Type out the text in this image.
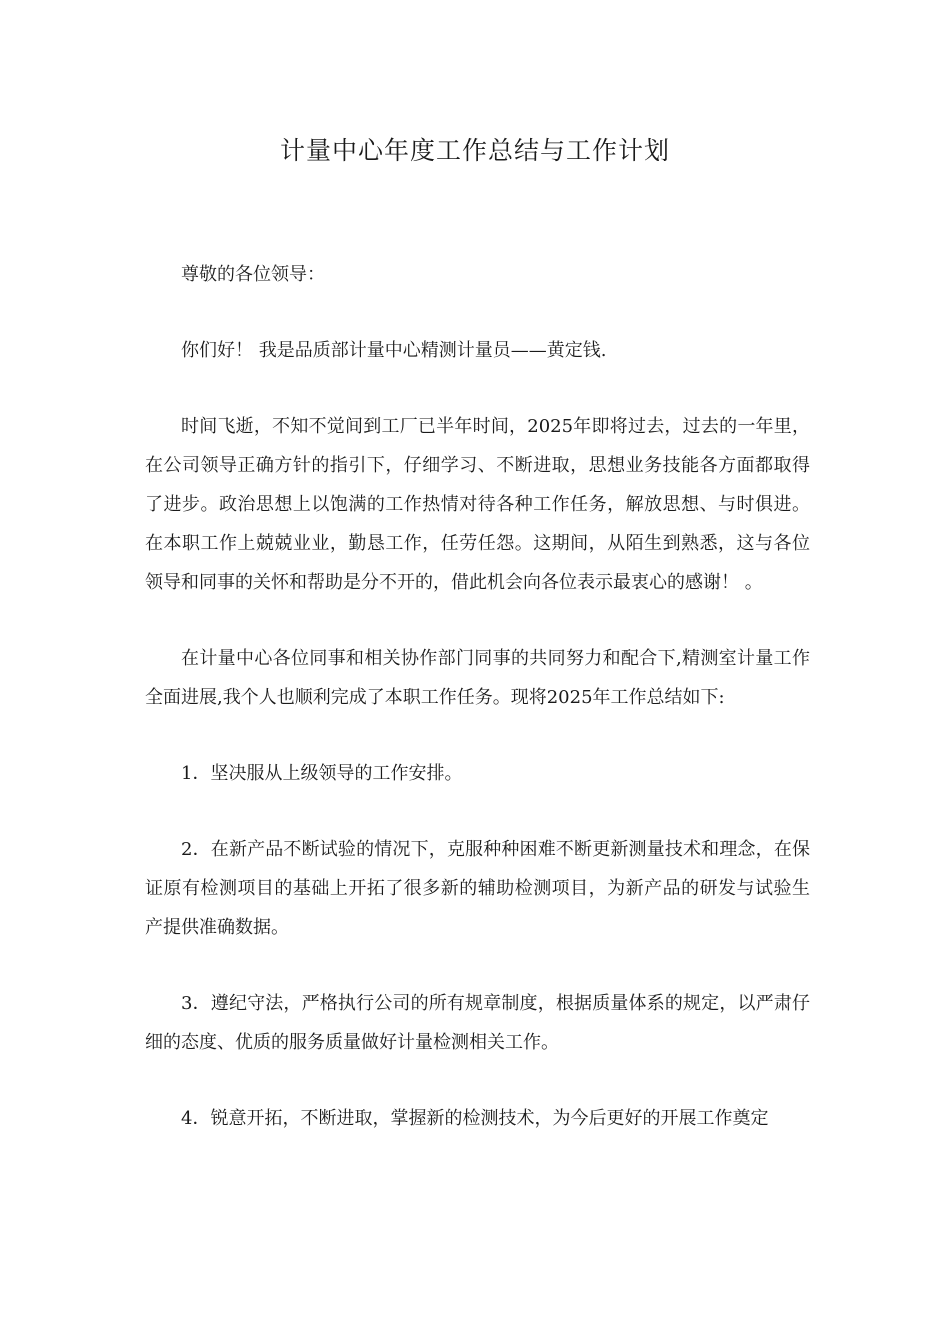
计量中心年度工作总结与工作计划

尊敬的各位领导：

你们好！ 我是品质部计量中心精测计量员——黄定钱.

时间飞逝，不知不觉间到工厂已半年时间，2025年即将过去，过去的一年里，在公司领导正确方针的指引下，仔细学习、不断进取，思想业务技能各方面都取得了进步。政治思想上以饱满的工作热情对待各种工作任务，解放思想、与时俱进。在本职工作上兢兢业业，勤恳工作，任劳任怨。这期间，从陌生到熟悉，这与各位领导和同事的关怀和帮助是分不开的，借此机会向各位表示最衷心的感谢！ 。

在计量中心各位同事和相关协作部门同事的共同努力和配合下,精测室计量工作全面进展,我个人也顺利完成了本职工作任务。现将2025年工作总结如下:

1．坚决服从上级领导的工作安排。

2．在新产品不断试验的情况下，克服种种困难不断更新测量技术和理念，在保证原有检测项目的基础上开拓了很多新的辅助检测项目，为新产品的研发与试验生产提供准确数据。

3．遵纪守法，严格执行公司的所有规章制度，根据质量体系的规定，以严肃仔细的态度、优质的服务质量做好计量检测相关工作。

4．锐意开拓，不断进取，掌握新的检测技术，为今后更好的开展工作奠定
